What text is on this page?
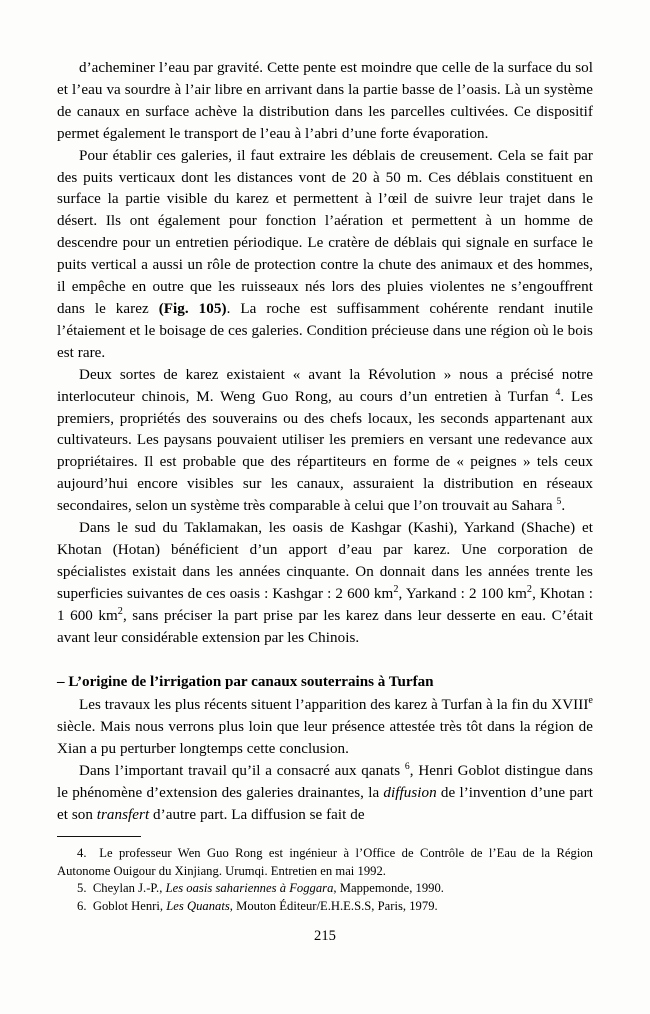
d’acheminer l’eau par gravité. Cette pente est moindre que celle de la surface du sol et l’eau va sourdre à l’air libre en arrivant dans la partie basse de l’oasis. Là un système de canaux en surface achève la distribution dans les parcelles cultivées. Ce dispositif permet également le transport de l’eau à l’abri d’une forte évaporation.

Pour établir ces galeries, il faut extraire les déblais de creusement. Cela se fait par des puits verticaux dont les distances vont de 20 à 50 m. Ces déblais constituent en surface la partie visible du karez et permettent à l’œil de suivre leur trajet dans le désert. Ils ont également pour fonction l’aération et permettent à un homme de descendre pour un entretien périodique. Le cratère de déblais qui signale en surface le puits vertical a aussi un rôle de protection contre la chute des animaux et des hommes, il empêche en outre que les ruisseaux nés lors des pluies violentes ne s’engouffrent dans le karez (Fig. 105). La roche est suffisamment cohérente rendant inutile l’étaiement et le boisage de ces galeries. Condition précieuse dans une région où le bois est rare.

Deux sortes de karez existaient « avant la Révolution » nous a précisé notre interlocuteur chinois, M. Weng Guo Rong, au cours d’un entretien à Turfan $^4$. Les premiers, propriétés des souverains ou des chefs locaux, les seconds appartenant aux cultivateurs. Les paysans pouvaient utiliser les premiers en versant une redevance aux propriétaires. Il est probable que des répartiteurs en forme de « peignes » tels ceux aujourd’hui encore visibles sur les canaux, assuraient la distribution en réseaux secondaires, selon un système très comparable à celui que l’on trouvait au Sahara $^5$.

Dans le sud du Taklamakan, les oasis de Kashgar (Kashi), Yarkand (Shache) et Khotan (Hotan) bénéficient d’un apport d’eau par karez. Une corporation de spécialistes existait dans les années cinquante. On donnait dans les années trente les superficies suivantes de ces oasis : Kashgar : 2 600 $km^2$, Yarkand : 2 100 $km^2$, Khotan : 1 600 $km^2$, sans préciser la part prise par les karez dans leur desserte en eau. C’était avant leur considérable extension par les Chinois.

– L’origine de l’irrigation par canaux souterrains à Turfan

Les travaux les plus récents situent l’apparition des karez à Turfan à la fin du XVIIIe siècle. Mais nous verrons plus loin que leur présence attestée très tôt dans la région de Xian a pu perturber longtemps cette conclusion.

Dans l’important travail qu’il a consacré aux qanats $^6$, Henri Goblot distingue dans le phénomène d’extension des galeries drainantes, la diffusion de l’invention d’une part et son transfert d’autre part. La diffusion se fait de

4.  Le professeur Wen Guo Rong est ingénieur à l’Office de Contrôle de l’Eau de la Région Autonome Ouigour du Xinjiang. Urumqi. Entretien en mai 1992.

5.  Cheylan J.-P., Les oasis sahariennes à Foggara, Mappemonde, 1990.

6.  Goblot Henri, Les Quanats, Mouton Éditeur/E.H.E.S.S, Paris, 1979.

215
